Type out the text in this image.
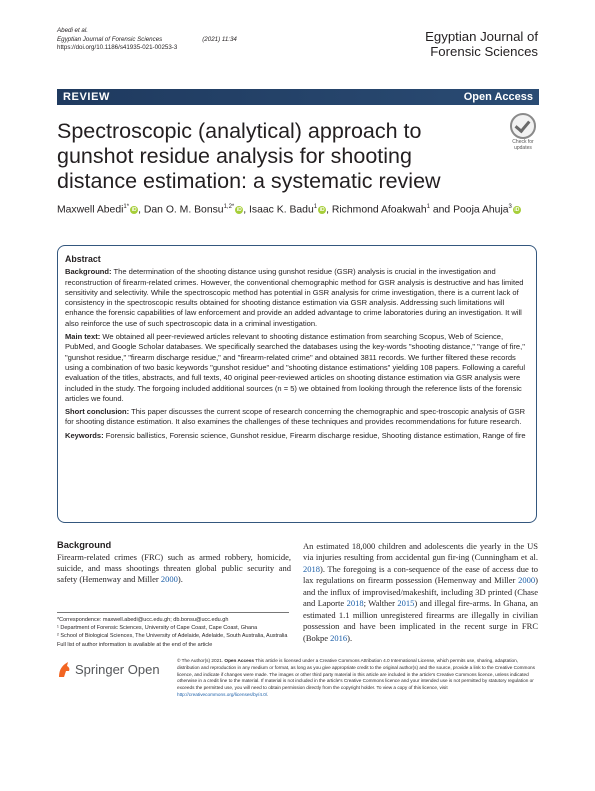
Abedi et al.
Egyptian Journal of Forensic Sciences	(2021) 11:34
https://doi.org/10.1186/s41935-021-00253-3
Egyptian Journal of
Forensic Sciences
REVIEW	Open Access
Spectroscopic (analytical) approach to gunshot residue analysis for shooting distance estimation: a systematic review
Check for
updates
Maxwell Abedi$^{1*}$iD , Dan O. M. Bonsu$^{1,2*}$iD , Isaac K. Badu$^1$iD , Richmond Afoakwah$^1$ and Pooja Ahuja$^3$iD
Abstract

Background: The determination of the shooting distance using gunshot residue (GSR) analysis is crucial in the investigation and reconstruction of firearm-related crimes. However, the conventional chemographic method for GSR analysis is destructive and has limited sensitivity and selectivity. While the spectroscopic method has potential in GSR analysis for crime investigation, there is a current lack of consistency in the spectroscopic results obtained for shooting distance estimation via GSR analysis. Addressing such limitations will enhance the forensic capabilities of law enforcement and provide an added advantage to crime laboratories during an investigation. It will also reinforce the use of such spectroscopic data in a criminal investigation.

Main text: We obtained all peer-reviewed articles relevant to shooting distance estimation from searching Scopus, Web of Science, PubMed, and Google Scholar databases. We specifically searched the databases using the key-words "shooting distance," "range of fire," "gunshot residue," "firearm discharge residue," and "firearm-related crime" and obtained 3811 records. We further filtered these records using a combination of two basic keywords "gunshot residue" and "shooting distance estimations" yielding 108 papers. Following a careful evaluation of the titles, abstracts, and full texts, 40 original peer-reviewed articles on shooting distance estimation via GSR analysis were included in the study. The forgoing included additional sources (n = 5) we obtained from looking through the reference lists of the forensic articles we found.

Short conclusion: This paper discusses the current scope of research concerning the chemographic and spec-troscopic analysis of GSR for shooting distance estimation. It also examines the challenges of these techniques and provides recommendations for future research.

Keywords: Forensic ballistics, Forensic science, Gunshot residue, Firearm discharge residue, Shooting distance estimation, Range of fire

Background
Firearm-related crimes (FRC) such as armed robbery, homicide, suicide, and mass shootings threaten global public security and safety (Hemenway and Miller 2000).
An estimated 18,000 children and adolescents die yearly in the US via injuries resulting from accidental gun fir-ing (Cunningham et al. 2018). The foregoing is a con-sequence of the ease of access due to lax regulations on firearm possession (Hemenway and Miller 2000) and the influx of improvised/makeshift, including 3D printed (Chase and Laporte 2018; Walther 2015) and illegal fire-arms. In Ghana, an estimated 1.1 million unregistered firearms are illegally in civilian possession and have been implicated in the recent surge in FRC (Bokpe 2016).
*Correspondence: maxwell.abedi@ucc.edu.gh; db.bonsu@ucc.edu.gh
¹ Department of Forensic Sciences, University of Cape Coast, Cape Coast, Ghana
² School of Biological Sciences, The University of Adelaide, Adelaide, South Australia, Australia
Full list of author information is available at the end of the article
Springer Open
© The Author(s) 2021. Open Access This article is licensed under a Creative Commons Attribution 4.0 International License, which permits use, sharing, adaptation, distribution and reproduction in any medium or format, as long as you give appropriate credit to the original author(s) and the source, provide a link to the Creative Commons licence, and indicate if changes were made. The images or other third party material in this article are included in the article's Creative Commons licence, unless indicated otherwise in a credit line to the material. If material is not included in the article's Creative Commons licence and your intended use is not permitted by statutory regulation or exceeds the permitted use, you will need to obtain permission directly from the copyright holder. To view a copy of this licence, visit http://creativecommons.org/licenses/by/4.0/.
